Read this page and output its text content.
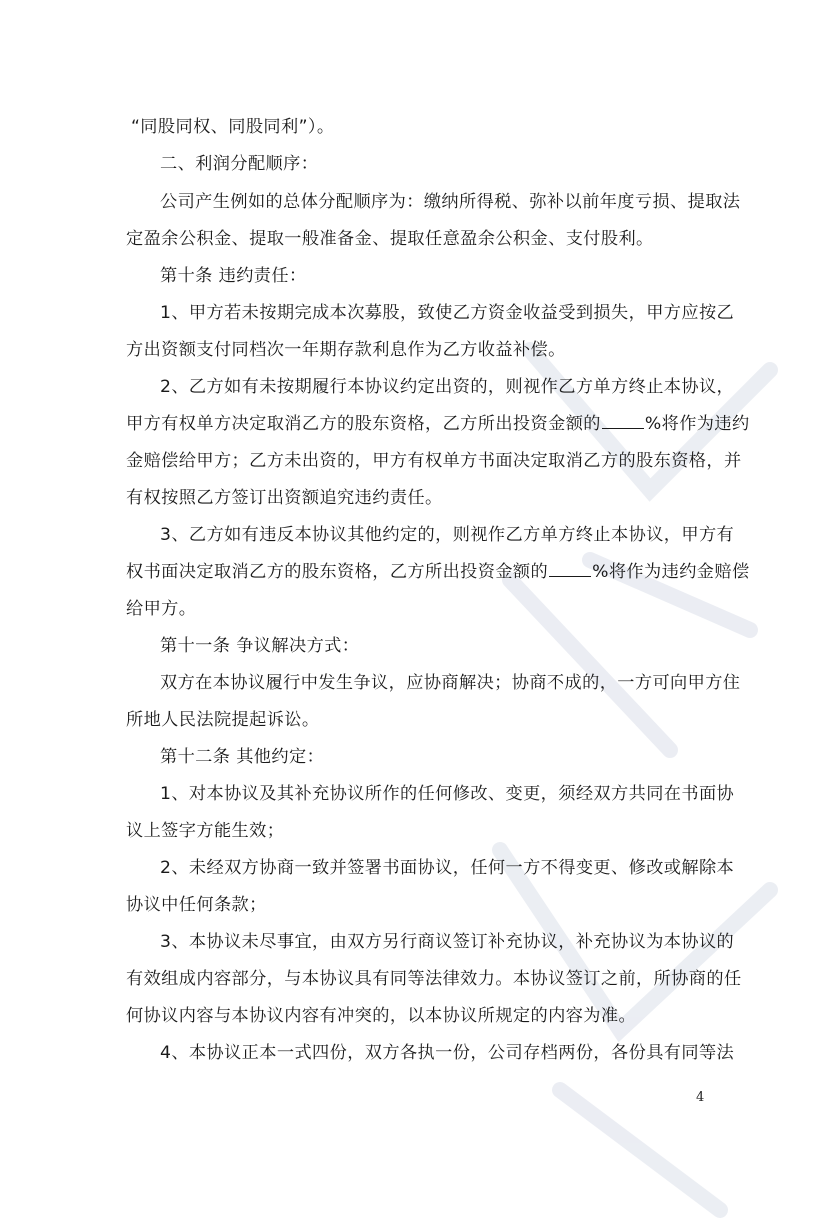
“同股同权、同股同利”）。
二、利润分配顺序：
公司产生例如的总体分配顺序为：缴纳所得税、弥补以前年度亏损、提取法
定盈余公积金、提取一般准备金、提取任意盈余公积金、支付股利。
第十条 违约责任：
1、甲方若未按期完成本次募股，致使乙方资金收益受到损失，甲方应按乙
方出资额支付同档次一年期存款利息作为乙方收益补偿。
2、乙方如有未按期履行本协议约定出资的，则视作乙方单方终止本协议，
甲方有权单方决定取消乙方的股东资格，乙方所出投资金额的	%将作为违约
金赔偿给甲方；乙方未出资的，甲方有权单方书面决定取消乙方的股东资格，并
有权按照乙方签订出资额追究违约责任。
3、乙方如有违反本协议其他约定的，则视作乙方单方终止本协议，甲方有
权书面决定取消乙方的股东资格，乙方所出投资金额的	%将作为违约金赔偿
给甲方。
第十一条 争议解决方式：
双方在本协议履行中发生争议，应协商解决；协商不成的，一方可向甲方住
所地人民法院提起诉讼。
第十二条 其他约定：
1、对本协议及其补充协议所作的任何修改、变更，须经双方共同在书面协
议上签字方能生效；
2、未经双方协商一致并签署书面协议，任何一方不得变更、修改或解除本
协议中任何条款；
3、本协议未尽事宜，由双方另行商议签订补充协议，补充协议为本协议的
有效组成内容部分，与本协议具有同等法律效力。本协议签订之前，所协商的任
何协议内容与本协议内容有冲突的，以本协议所规定的内容为准。
4、本协议正本一式四份，双方各执一份，公司存档两份，各份具有同等法
4
